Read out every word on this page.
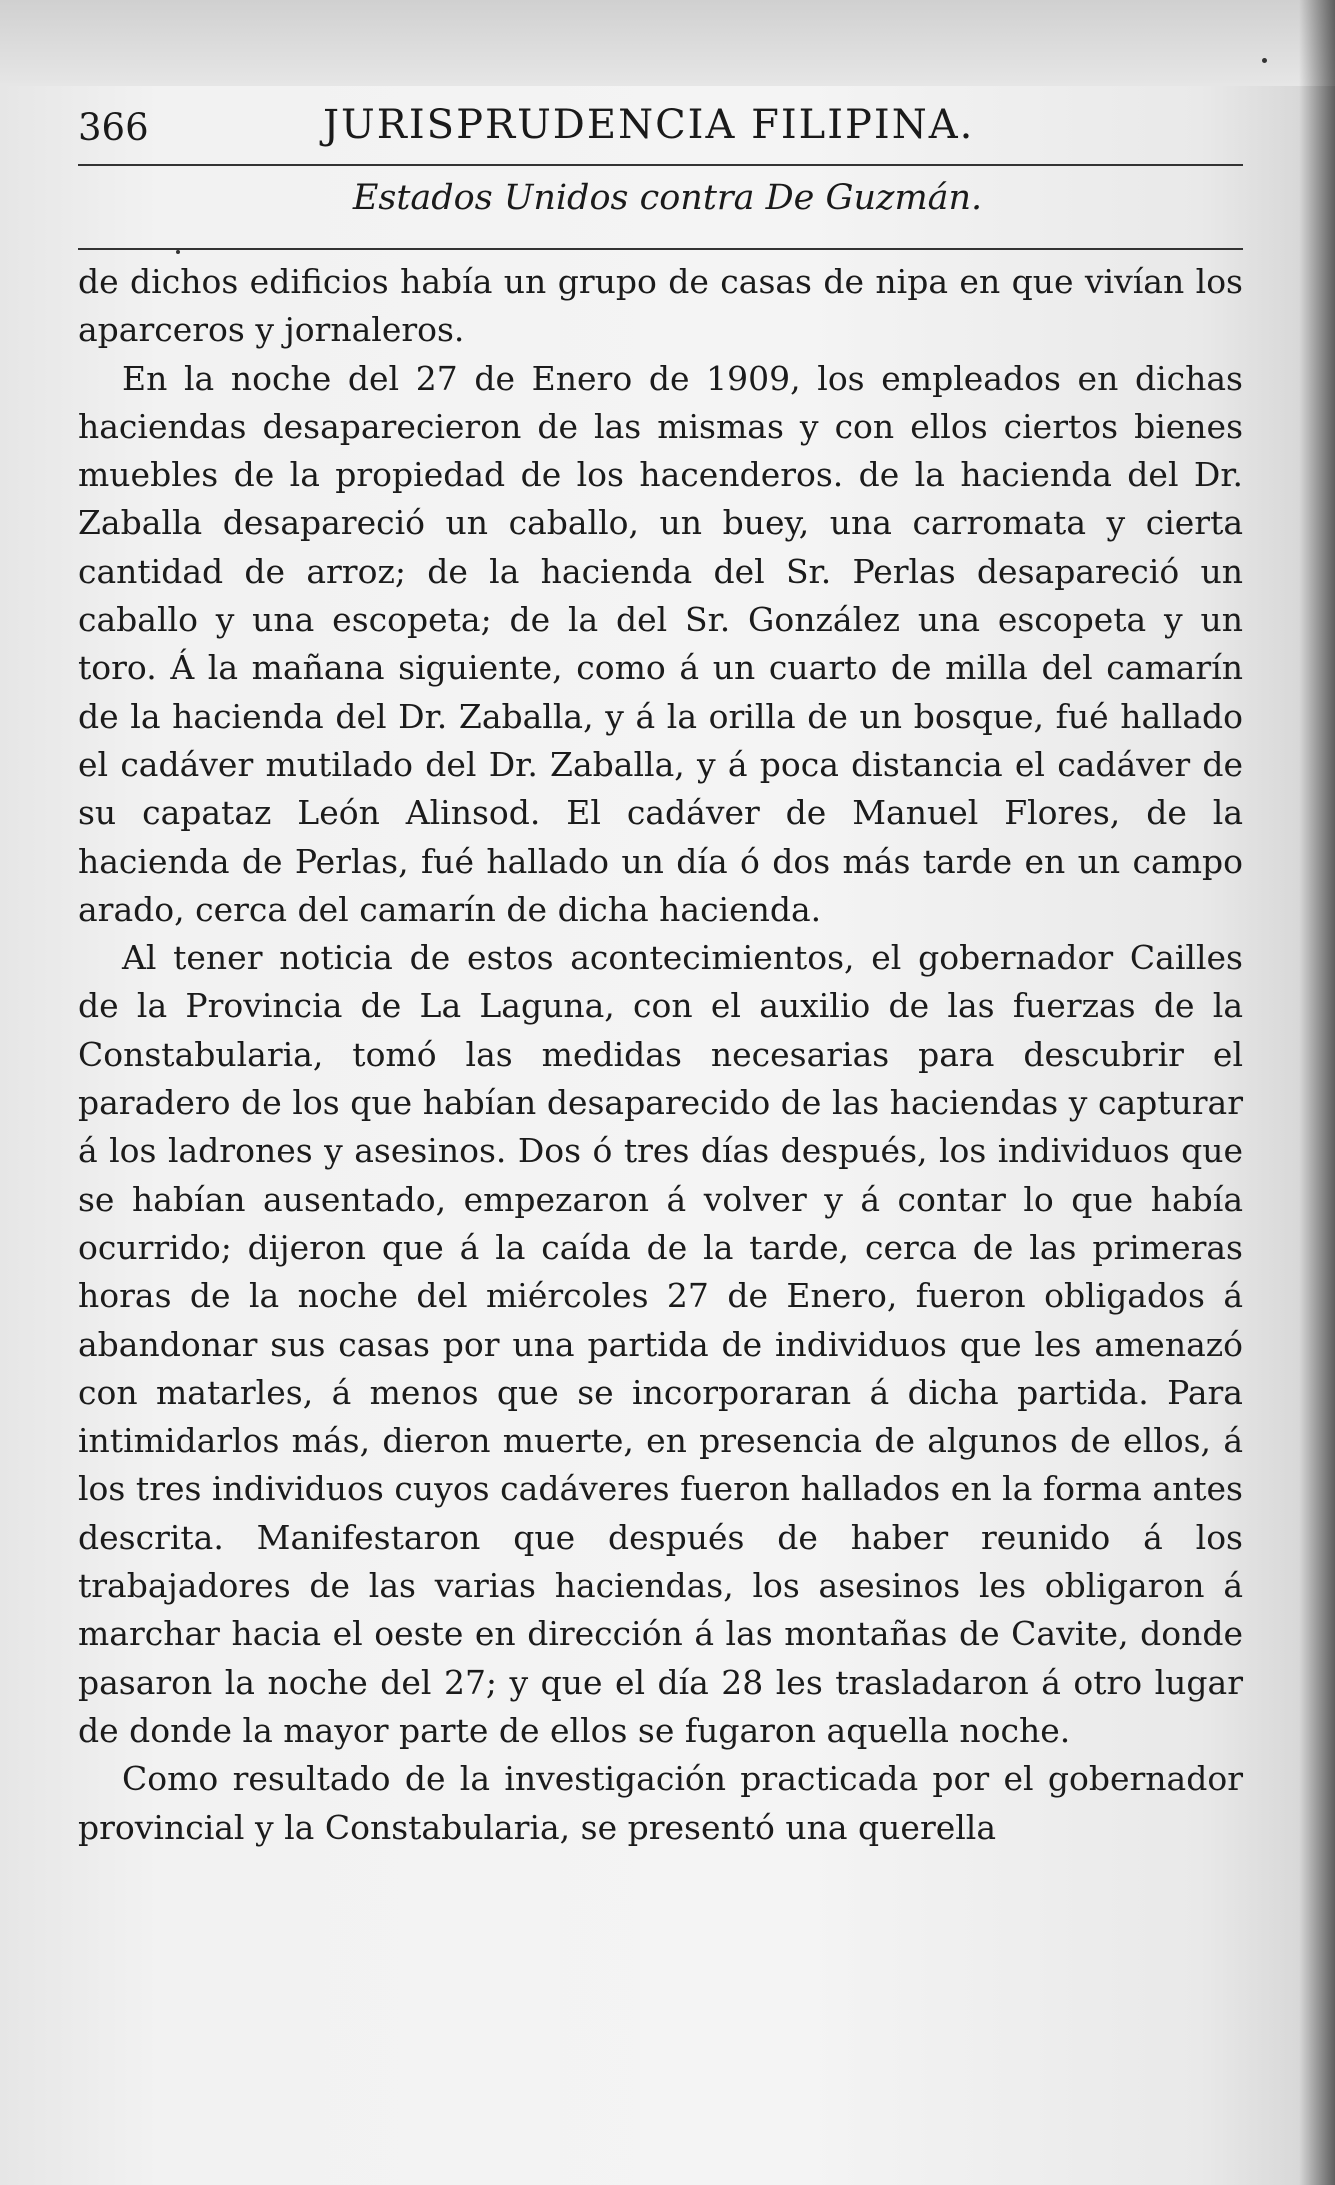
366	JURISPRUDENCIA FILIPINA.
Estados Unidos contra De Guzmán.

de dichos edificios había un grupo de casas de nipa en que vivían los aparceros y jornaleros.

En la noche del 27 de Enero de 1909, los empleados en dichas haciendas desaparecieron de las mismas y con ellos ciertos bienes muebles de la propiedad de los hacenderos. de la hacienda del Dr. Zaballa desapareció un caballo, un buey, una carromata y cierta cantidad de arroz; de la hacienda del Sr. Perlas desapareció un caballo y una escopeta; de la del Sr. González una escopeta y un toro. Á la mañana siguiente, como á un cuarto de milla del camarín de la hacienda del Dr. Zaballa, y á la orilla de un bosque, fué hallado el cadáver mutilado del Dr. Zaballa, y á poca distancia el cadáver de su capataz León Alinsod. El cadáver de Manuel Flores, de la hacienda de Perlas, fué hallado un día ó dos más tarde en un campo arado, cerca del camarín de dicha hacienda.

Al tener noticia de estos acontecimientos, el gobernador Cailles de la Provincia de La Laguna, con el auxilio de las fuerzas de la Constabularia, tomó las medidas necesarias para descubrir el paradero de los que habían desaparecido de las haciendas y capturar á los ladrones y asesinos. Dos ó tres días después, los individuos que se habían ausentado, empezaron á volver y á contar lo que había ocurrido; dijeron que á la caída de la tarde, cerca de las primeras horas de la noche del miércoles 27 de Enero, fueron obligados á abandonar sus casas por una partida de individuos que les amenazó con matarles, á menos que se incorporaran á dicha partida. Para intimidarlos más, dieron muerte, en presencia de algunos de ellos, á los tres individuos cuyos cadáveres fueron hallados en la forma antes descrita. Manifestaron que después de haber reunido á los trabajadores de las varias haciendas, los asesinos les obligaron á marchar hacia el oeste en dirección á las montañas de Cavite, donde pasaron la noche del 27; y que el día 28 les trasladaron á otro lugar de donde la mayor parte de ellos se fugaron aquella noche.

Como resultado de la investigación practicada por el gobernador provincial y la Constabularia, se presentó una querella
